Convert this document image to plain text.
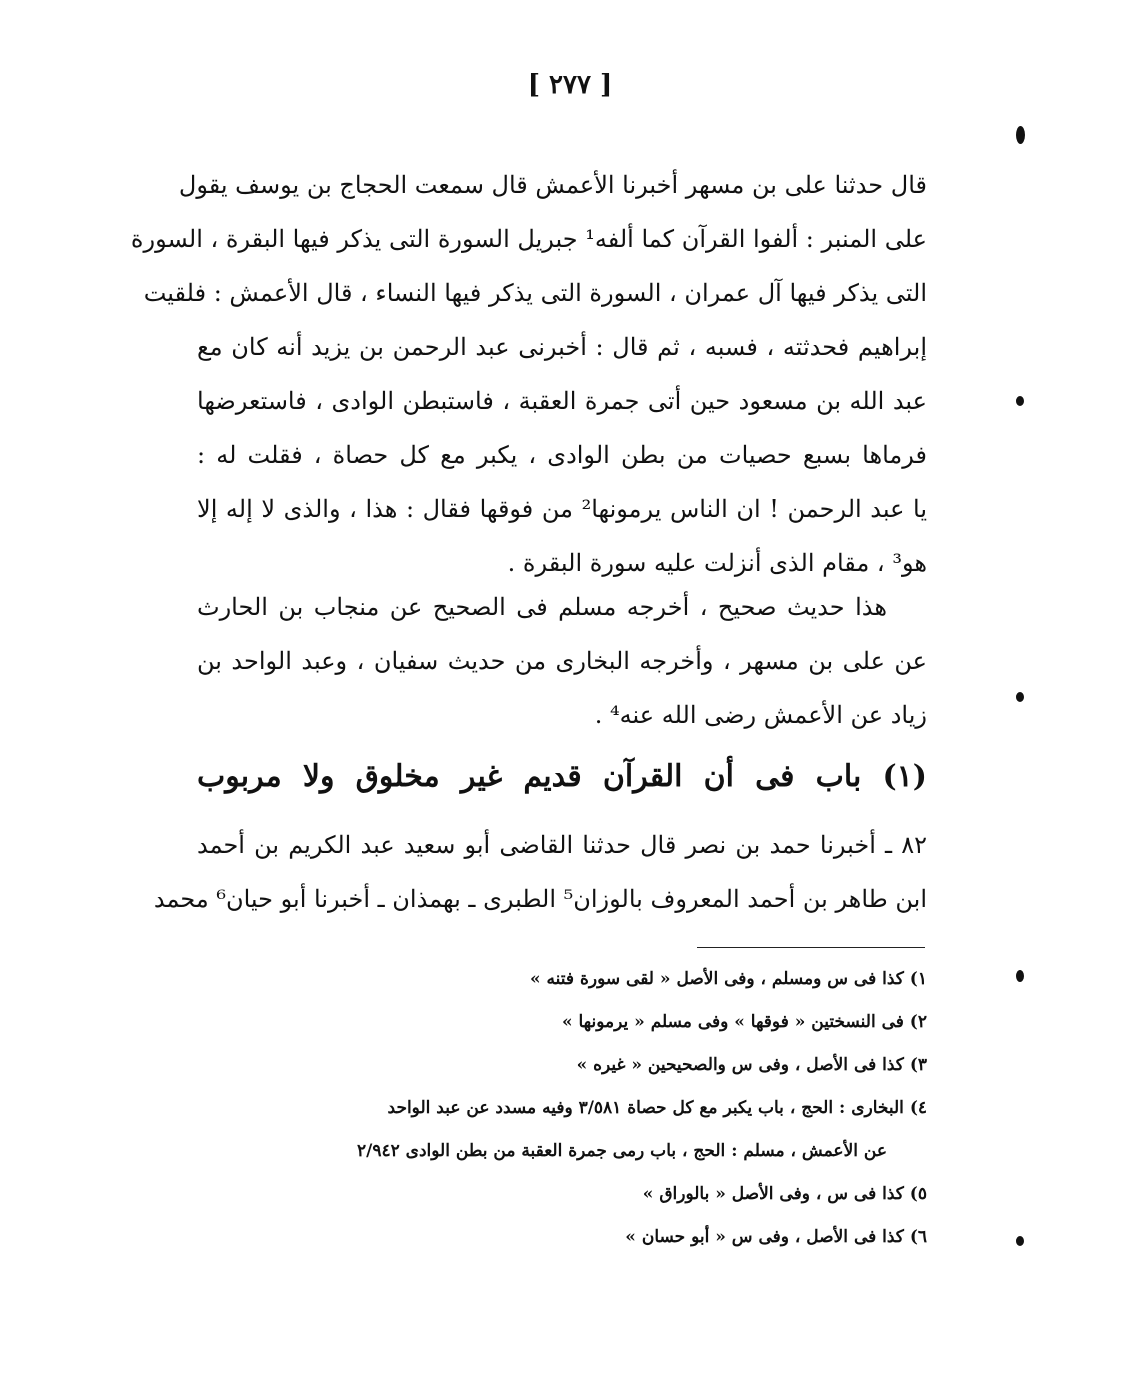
[ ٢٧٧ ]
قال حدثنا على بن مسهر أخبرنا الأعمش قال سمعت الحجاج بن يوسف يقول
على المنبر : ألفوا القرآن كما ألفه¹ جبريل السورة التى يذكر فيها البقرة ، السورة
التى يذكر فيها آل عمران ، السورة التى يذكر فيها النساء ، قال الأعمش : فلقيت
إبراهيم فحدثته ، فسبه ، ثم قال : أخبرنى عبد الرحمن بن يزيد أنه كان مع
عبد الله بن مسعود حين أتى جمرة العقبة ، فاستبطن الوادى ، فاستعرضها
فرماها بسبع حصيات من بطن الوادى ، يكبر مع كل حصاة ، فقلت له :
يا عبد الرحمن ! ان الناس يرمونها² من فوقها فقال : هذا ، والذى لا إله إلا
هو³ ، مقام الذى أنزلت عليه سورة البقرة .
هذا حديث صحيح ، أخرجه مسلم فى الصحيح عن منجاب بن الحارث
عن على بن مسهر ، وأخرجه البخارى من حديث سفيان ، وعبد الواحد بن
زياد عن الأعمش رضى الله عنه⁴ .
(١) باب فى أن القرآن قديم غير مخلوق ولا مربوب
٨٢ ـ أخبرنا حمد بن نصر قال حدثنا القاضى أبو سعيد عبد الكريم بن أحمد
ابن طاهر بن أحمد المعروف بالوزان⁵ الطبرى ـ بهمذان ـ أخبرنا أبو حيان⁶ محمد
١) كذا فى س ومسلم ، وفى الأصل « لقى سورة فتنه »
٢) فى النسختين « فوقها » وفى مسلم « يرمونها »
٣) كذا فى الأصل ، وفى س والصحيحين « غيره »
٤) البخارى : الحج ، باب يكبر مع كل حصاة ٣/٥٨١ وفيه مسدد عن عبد الواحد
عن الأعمش ، مسلم : الحج ، باب رمى جمرة العقبة من بطن الوادى ٢/٩٤٢
٥) كذا فى س ، وفى الأصل « بالوراق »
٦) كذا فى الأصل ، وفى س « أبو حسان »
